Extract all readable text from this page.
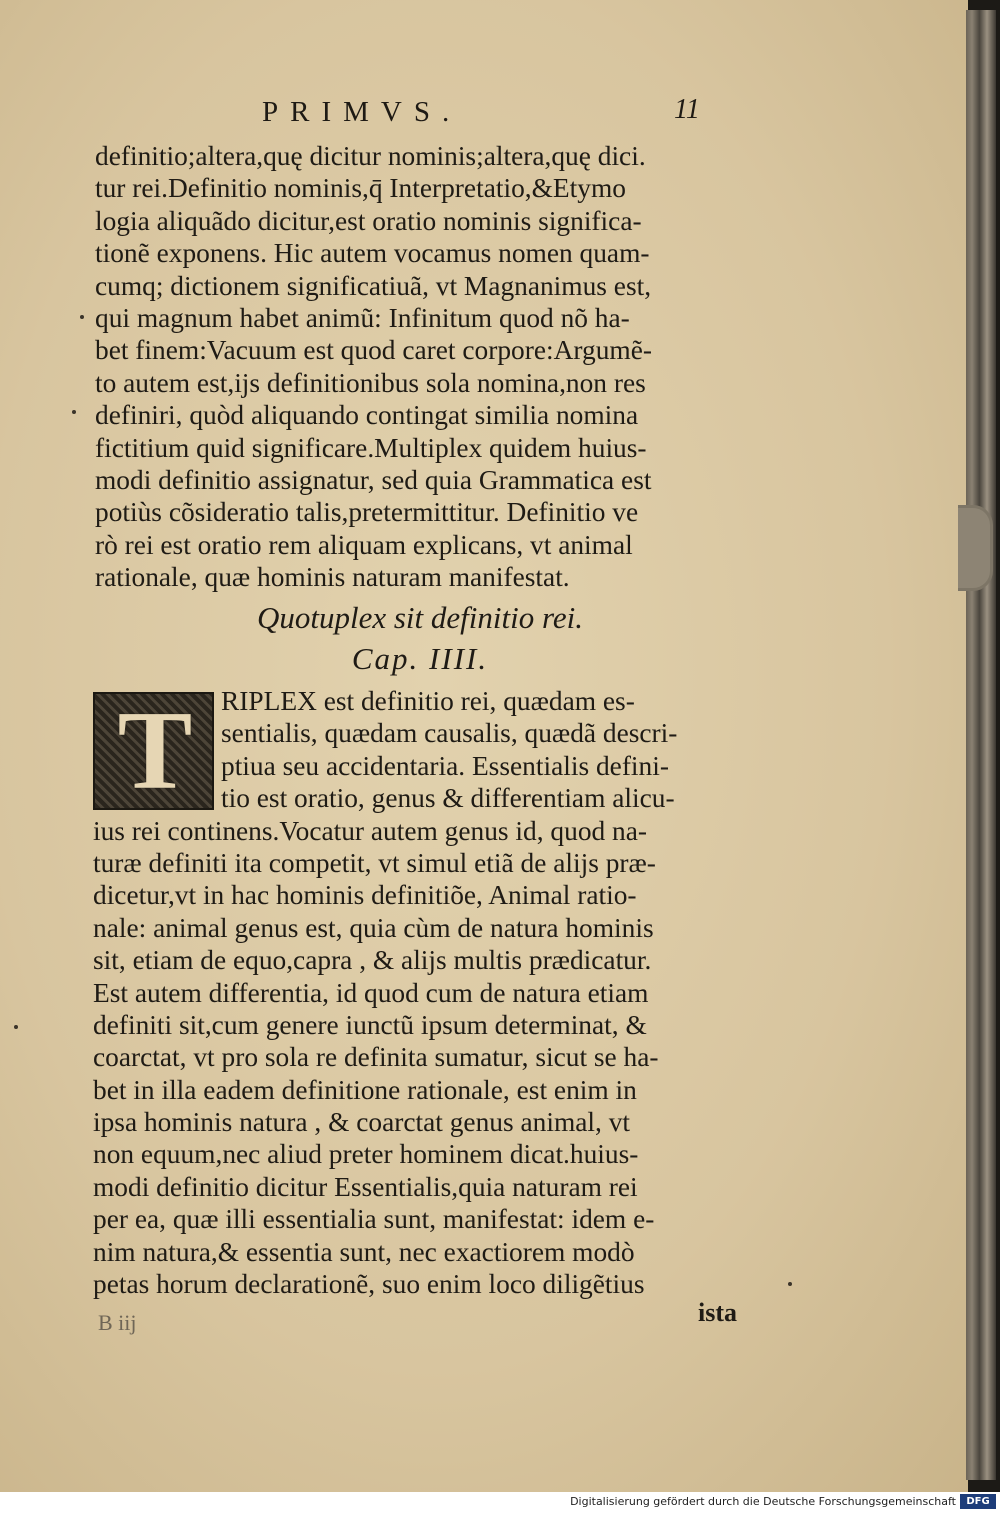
PRIMVS.	11
definitio;altera,quę dicitur nominis;altera,quę dici.
tur rei.Definitio nominis,q̄ Interpretatio,&Etymo
logia aliquãdo dicitur,est oratio nominis significa-
tionẽ exponens. Hic autem vocamus nomen quam-
cumq; dictionem significatiuã, vt Magnanimus est,
qui magnum habet animũ: Infinitum quod nõ ha-
bet finem:Vacuum est quod caret corpore:Argumẽ-
to autem est,ijs definitionibus sola nomina,non res
definiri, quòd aliquando contingat similia nomina
fictitium quid significare.Multiplex quidem huius-
modi definitio assignatur, sed quia Grammatica est
potiùs cõsideratio talis,pretermittitur. Definitio ve
rò rei est oratio rem aliquam explicans, vt animal
rationale, quæ hominis naturam manifestat.
Quotuplex sit definitio rei.
Cap. IIII.
T	RIPLEX est definitio rei, quædam es-
sentialis, quædam causalis, quædã descri-
ptiua seu accidentaria. Essentialis defini-
tio est oratio, genus & differentiam alicu-
ius rei continens.Vocatur autem genus id, quod na-
turæ definiti ita competit, vt simul etiã de alijs præ-
dicetur,vt in hac hominis definitiõe, Animal ratio-
nale: animal genus est, quia cùm de natura hominis
sit, etiam de equo,capra , & alijs multis prædicatur.
Est autem differentia, id quod cum de natura etiam
definiti sit,cum genere iunctũ ipsum determinat, &
coarctat, vt pro sola re definita sumatur, sicut se ha-
bet in illa eadem definitione rationale, est enim in
ipsa hominis natura , & coarctat genus animal, vt
non equum,nec aliud preter hominem dicat.huius-
modi definitio dicitur Essentialis,quia naturam rei
per ea, quæ illi essentialia sunt, manifestat: idem e-
nim natura,& essentia sunt, nec exactiorem modò
petas horum declarationẽ, suo enim loco diligẽtius
ista
B iij
Digitalisierung gefördert durch die Deutsche Forschungsgemeinschaft	DFG
